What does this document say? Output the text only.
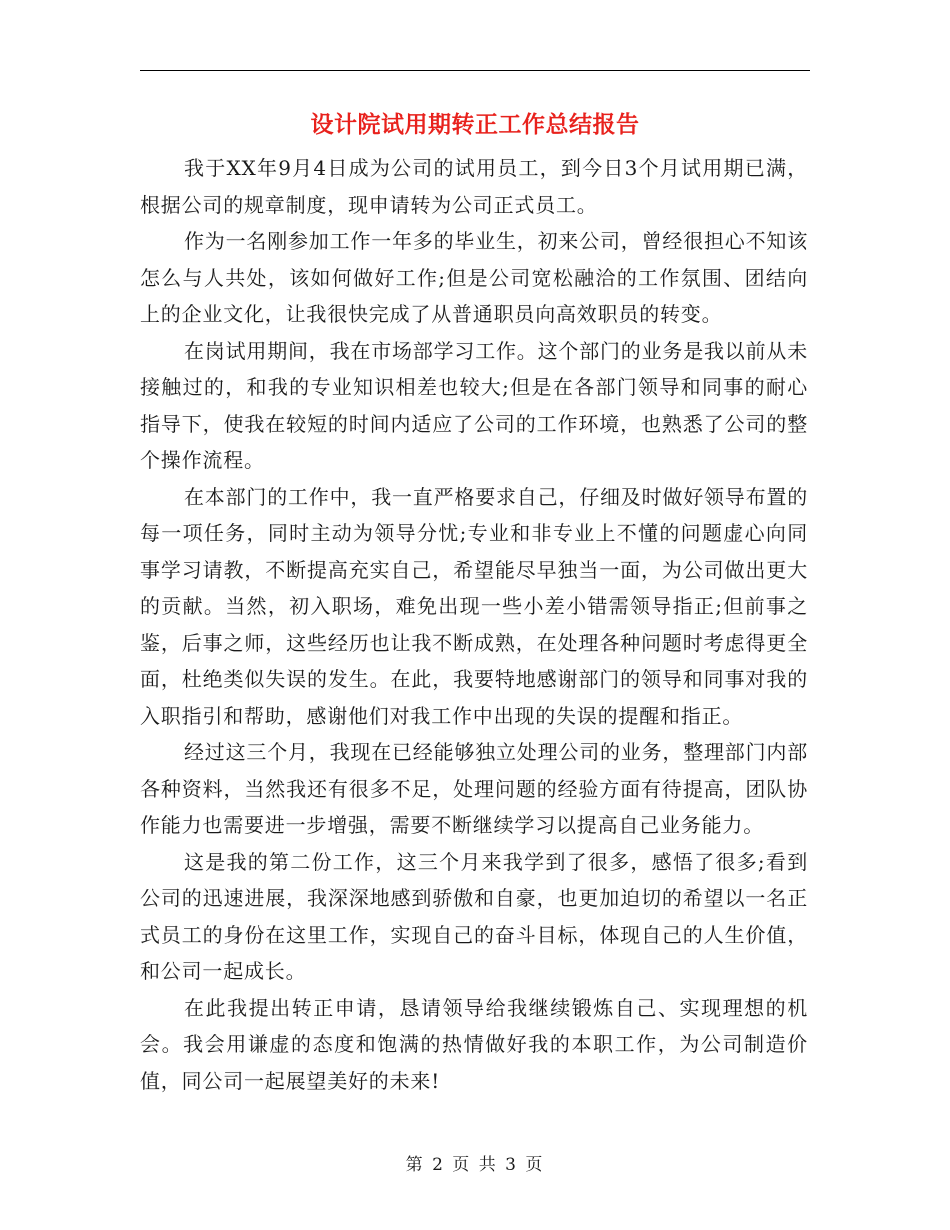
设计院试用期转正工作总结报告

我于XX年9月4日成为公司的试用员工，到今日3个月试用期已满，根据公司的规章制度，现申请转为公司正式员工。

作为一名刚参加工作一年多的毕业生，初来公司，曾经很担心不知该怎么与人共处，该如何做好工作;但是公司宽松融洽的工作氛围、团结向上的企业文化，让我很快完成了从普通职员向高效职员的转变。

在岗试用期间，我在市场部学习工作。这个部门的业务是我以前从未接触过的，和我的专业知识相差也较大;但是在各部门领导和同事的耐心指导下，使我在较短的时间内适应了公司的工作环境，也熟悉了公司的整个操作流程。

在本部门的工作中，我一直严格要求自己，仔细及时做好领导布置的每一项任务，同时主动为领导分忧;专业和非专业上不懂的问题虚心向同事学习请教，不断提高充实自己，希望能尽早独当一面，为公司做出更大的贡献。当然，初入职场，难免出现一些小差小错需领导指正;但前事之鉴，后事之师，这些经历也让我不断成熟，在处理各种问题时考虑得更全面，杜绝类似失误的发生。在此，我要特地感谢部门的领导和同事对我的入职指引和帮助，感谢他们对我工作中出现的失误的提醒和指正。

经过这三个月，我现在已经能够独立处理公司的业务，整理部门内部各种资料，当然我还有很多不足，处理问题的经验方面有待提高，团队协作能力也需要进一步增强，需要不断继续学习以提高自己业务能力。

这是我的第二份工作，这三个月来我学到了很多，感悟了很多;看到公司的迅速进展，我深深地感到骄傲和自豪，也更加迫切的希望以一名正式员工的身份在这里工作，实现自己的奋斗目标，体现自己的人生价值，和公司一起成长。

在此我提出转正申请，恳请领导给我继续锻炼自己、实现理想的机会。我会用谦虚的态度和饱满的热情做好我的本职工作，为公司制造价值，同公司一起展望美好的未来!

第 2 页 共 3 页
